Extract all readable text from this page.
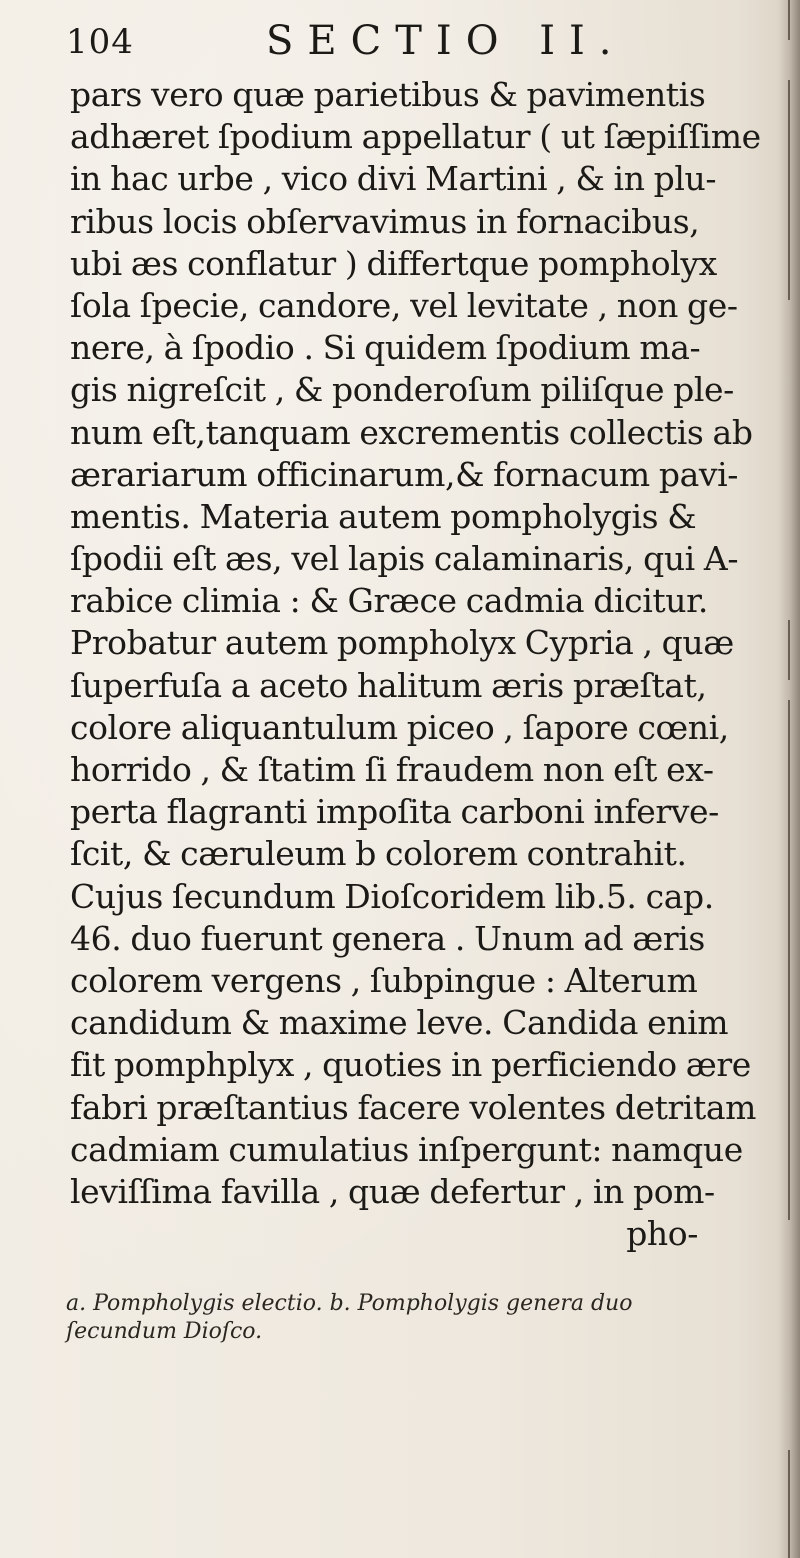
104	SECTIO II.
pars vero quæ parietibus & pavimentis
adhæret ſpodium appellatur ( ut ſæpiſſime
in hac urbe , vico divi Martini , & in plu-
ribus locis obſervavimus in fornacibus,
ubi æs conflatur ) differtque pompholyx
ſola ſpecie, candore, vel levitate , non ge-
nere, à ſpodio . Si quidem ſpodium ma-
gis nigreſcit , & ponderoſum piliſque ple-
num eſt,tanquam excrementis collectis ab
ærariarum officinarum,& fornacum pavi-
mentis. Materia autem pompholygis &
ſpodii eſt æs, vel lapis calaminaris, qui A-
rabice climia : & Græce cadmia dicitur.
Probatur autem pompholyx Cypria , quæ
ſuperfuſa a aceto halitum æris præſtat,
colore aliquantulum piceo , ſapore cœni,
horrido , & ſtatim ſi fraudem non eſt ex-
perta flagranti impoſita carboni inferve-
ſcit, & cæruleum b colorem contrahit.
Cujus ſecundum Dioſcoridem lib.5. cap.
46. duo fuerunt genera . Unum ad æris
colorem vergens , ſubpingue : Alterum
candidum & maxime leve. Candida enim
fit pomphplyx , quoties in perficiendo ære
fabri præſtantius facere volentes detritam
cadmiam cumulatius inſpergunt: namque
leviſſima favilla , quæ defertur , in pom-
pho-
a. Pompholygis electio. b. Pompholygis genera duo
ſecundum Dioſco.
